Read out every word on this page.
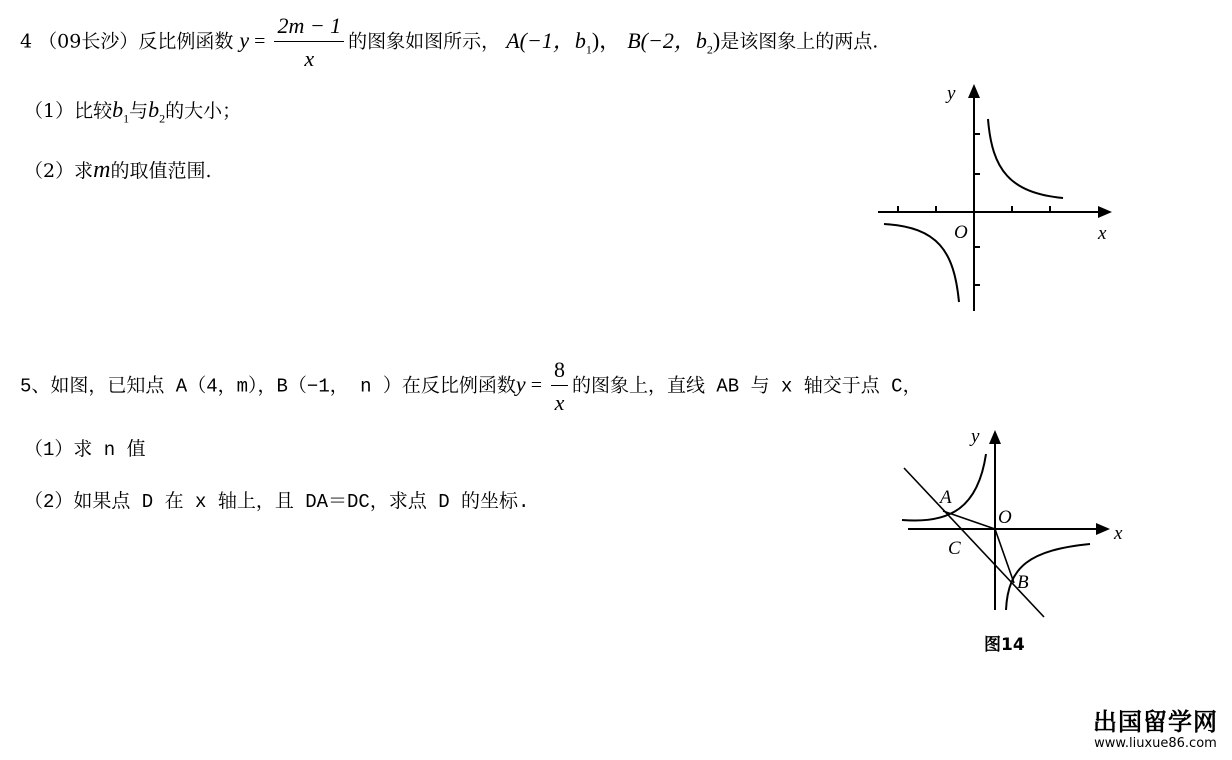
4 （09长沙）反比例函数 $y = \frac{2m - 1}{x}$ 的图象如图所示， A(−1，$b_1$)， B(−2，$b_2$)是该图象上的两点.
（1）比较$b_1$与$b_2$的大小；
（2）求m的取值范围.
y
x
O
5、如图，已知点 A（4，m），B（−1， n ）在反比例函数$y = \frac{8}{x}$ 的图象上，直线 AB 与 x 轴交于点 C，
（1）求 n 值
（2）如果点 D 在 x 轴上，且 DA＝DC，求点 D 的坐标.
y
x
O
A
C
B
图14
出国留学网
www.liuxue86.com
